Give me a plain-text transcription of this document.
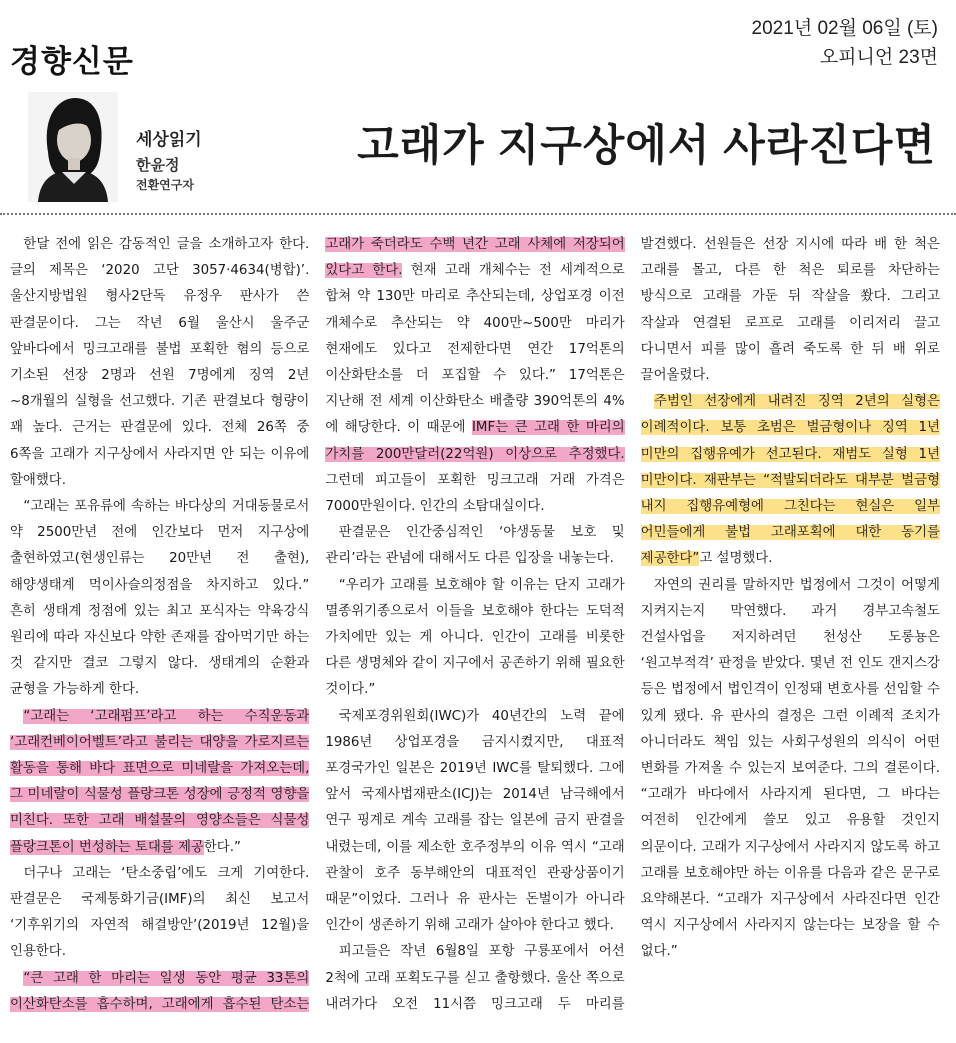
경향신문
2021년 02월 06일 (토)
오피니언 23면
세상읽기
한윤정
전환연구자
고래가 지구상에서 사라진다면

한달 전에 읽은 감동적인 글을 소개하고자 한다. 글의 제목은 ‘2020 고단 3057·4634(병합)’. 울산지방법원 형사2단독 유정우 판사가 쓴 판결문이다. 그는 작년 6월 울산시 울주군 앞바다에서 밍크고래를 불법 포획한 혐의 등으로 기소된 선장 2명과 선원 7명에게 징역 2년~8개월의 실형을 선고했다. 기존 판결보다 형량이 꽤 높다. 근거는 판결문에 있다. 전체 26쪽 중 6쪽을 고래가 지구상에서 사라지면 안 되는 이유에 할애했다.

“고래는 포유류에 속하는 바다상의 거대동물로서 약 2500만년 전에 인간보다 먼저 지구상에 출현하였고(현생인류는 20만년 전 출현), 해양생태계 먹이사슬의정점을 차지하고 있다.” 흔히 생태계 정점에 있는 최고 포식자는 약육강식 원리에 따라 자신보다 약한 존재를 잡아먹기만 하는 것 같지만 결코 그렇지 않다. 생태계의 순환과 균형을 가능하게 한다.

“고래는 ‘고래펌프’라고 하는 수직운동과 ‘고래컨베이어벨트’라고 불리는 대양을 가로지르는 활동을 통해 바다 표면으로 미네랄을 가져오는데, 그 미네랄이 식물성 플랑크톤 성장에 긍정적 영향을 미친다. 또한 고래 배설물의 영양소들은 식물성 플랑크톤이 번성하는 토대를 제공한다.”

더구나 고래는 ‘탄소중립’에도 크게 기여한다. 판결문은 국제통화기금(IMF)의 최신 보고서 ‘기후위기의 자연적 해결방안’(2019년 12월)을 인용한다.

“큰 고래 한 마리는 일생 동안 평균 33톤의 이산화탄소를 흡수하며, 고래에게 흡수된 탄소는 고래가 죽더라도 수백 년간 고래 사체에 저장되어 있다고 한다. 현재 고래 개체수는 전 세계적으로 합쳐 약 130만 마리로 추산되는데, 상업포경 이전 개체수로 추산되는 약 400만~500만 마리가 현재에도 있다고 전제한다면 연간 17억톤의 이산화탄소를 더 포집할 수 있다.” 17억톤은 지난해 전 세계 이산화탄소 배출량 390억톤의 4%에 해당한다. 이 때문에 IMF는 큰 고래 한 마리의 가치를 200만달러(22억원) 이상으로 추정했다. 그런데 피고들이 포획한 밍크고래 거래 가격은 7000만원이다. 인간의 소탐대실이다.

판결문은 인간중심적인 ‘야생동물 보호 및 관리’라는 관념에 대해서도 다른 입장을 내놓는다.

“우리가 고래를 보호해야 할 이유는 단지 고래가 멸종위기종으로서 이들을 보호해야 한다는 도덕적 가치에만 있는 게 아니다. 인간이 고래를 비롯한 다른 생명체와 같이 지구에서 공존하기 위해 필요한 것이다.”

국제포경위원회(IWC)가 40년간의 노력 끝에 1986년 상업포경을 금지시켰지만, 대표적 포경국가인 일본은 2019년 IWC를 탈퇴했다. 그에 앞서 국제사법재판소(ICJ)는 2014년 남극해에서 연구 핑계로 계속 고래를 잡는 일본에 금지 판결을 내렸는데, 이를 제소한 호주정부의 이유 역시 “고래 관찰이 호주 동부해안의 대표적인 관광상품이기 때문”이었다. 그러나 유 판사는 돈벌이가 아니라 인간이 생존하기 위해 고래가 살아야 한다고 했다.

피고들은 작년 6월8일 포항 구룡포에서 어선 2척에 고래 포획도구를 싣고 출항했다. 울산 쪽으로 내려가다 오전 11시쯤 밍크고래 두 마리를 발견했다. 선원들은 선장 지시에 따라 배 한 척은 고래를 몰고, 다른 한 척은 퇴로를 차단하는 방식으로 고래를 가둔 뒤 작살을 쐈다. 그리고 작살과 연결된 로프로 고래를 이리저리 끌고 다니면서 피를 많이 흘려 죽도록 한 뒤 배 위로 끌어올렸다.

주범인 선장에게 내려진 징역 2년의 실형은 이례적이다. 보통 초범은 벌금형이나 징역 1년 미만의 집행유예가 선고된다. 재범도 실형 1년 미만이다. 재판부는 “적발되더라도 대부분 벌금형 내지 집행유예형에 그친다는 현실은 일부 어민들에게 불법 고래포획에 대한 동기를 제공한다”고 설명했다.

자연의 권리를 말하지만 법정에서 그것이 어떻게 지켜지는지 막연했다. 과거 경부고속철도 건설사업을 저지하려던 천성산 도롱뇽은 ‘원고부적격’ 판정을 받았다. 몇년 전 인도 갠지스강 등은 법정에서 법인격이 인정돼 변호사를 선임할 수 있게 됐다. 유 판사의 결정은 그런 이례적 조치가 아니더라도 책임 있는 사회구성원의 의식이 어떤 변화를 가져올 수 있는지 보여준다. 그의 결론이다. “고래가 바다에서 사라지게 된다면, 그 바다는 여전히 인간에게 쓸모 있고 유용할 것인지 의문이다. 고래가 지구상에서 사라지지 않도록 하고 고래를 보호해야만 하는 이유를 다음과 같은 문구로 요약해본다. “고래가 지구상에서 사라진다면 인간 역시 지구상에서 사라지지 않는다는 보장을 할 수 없다.”
